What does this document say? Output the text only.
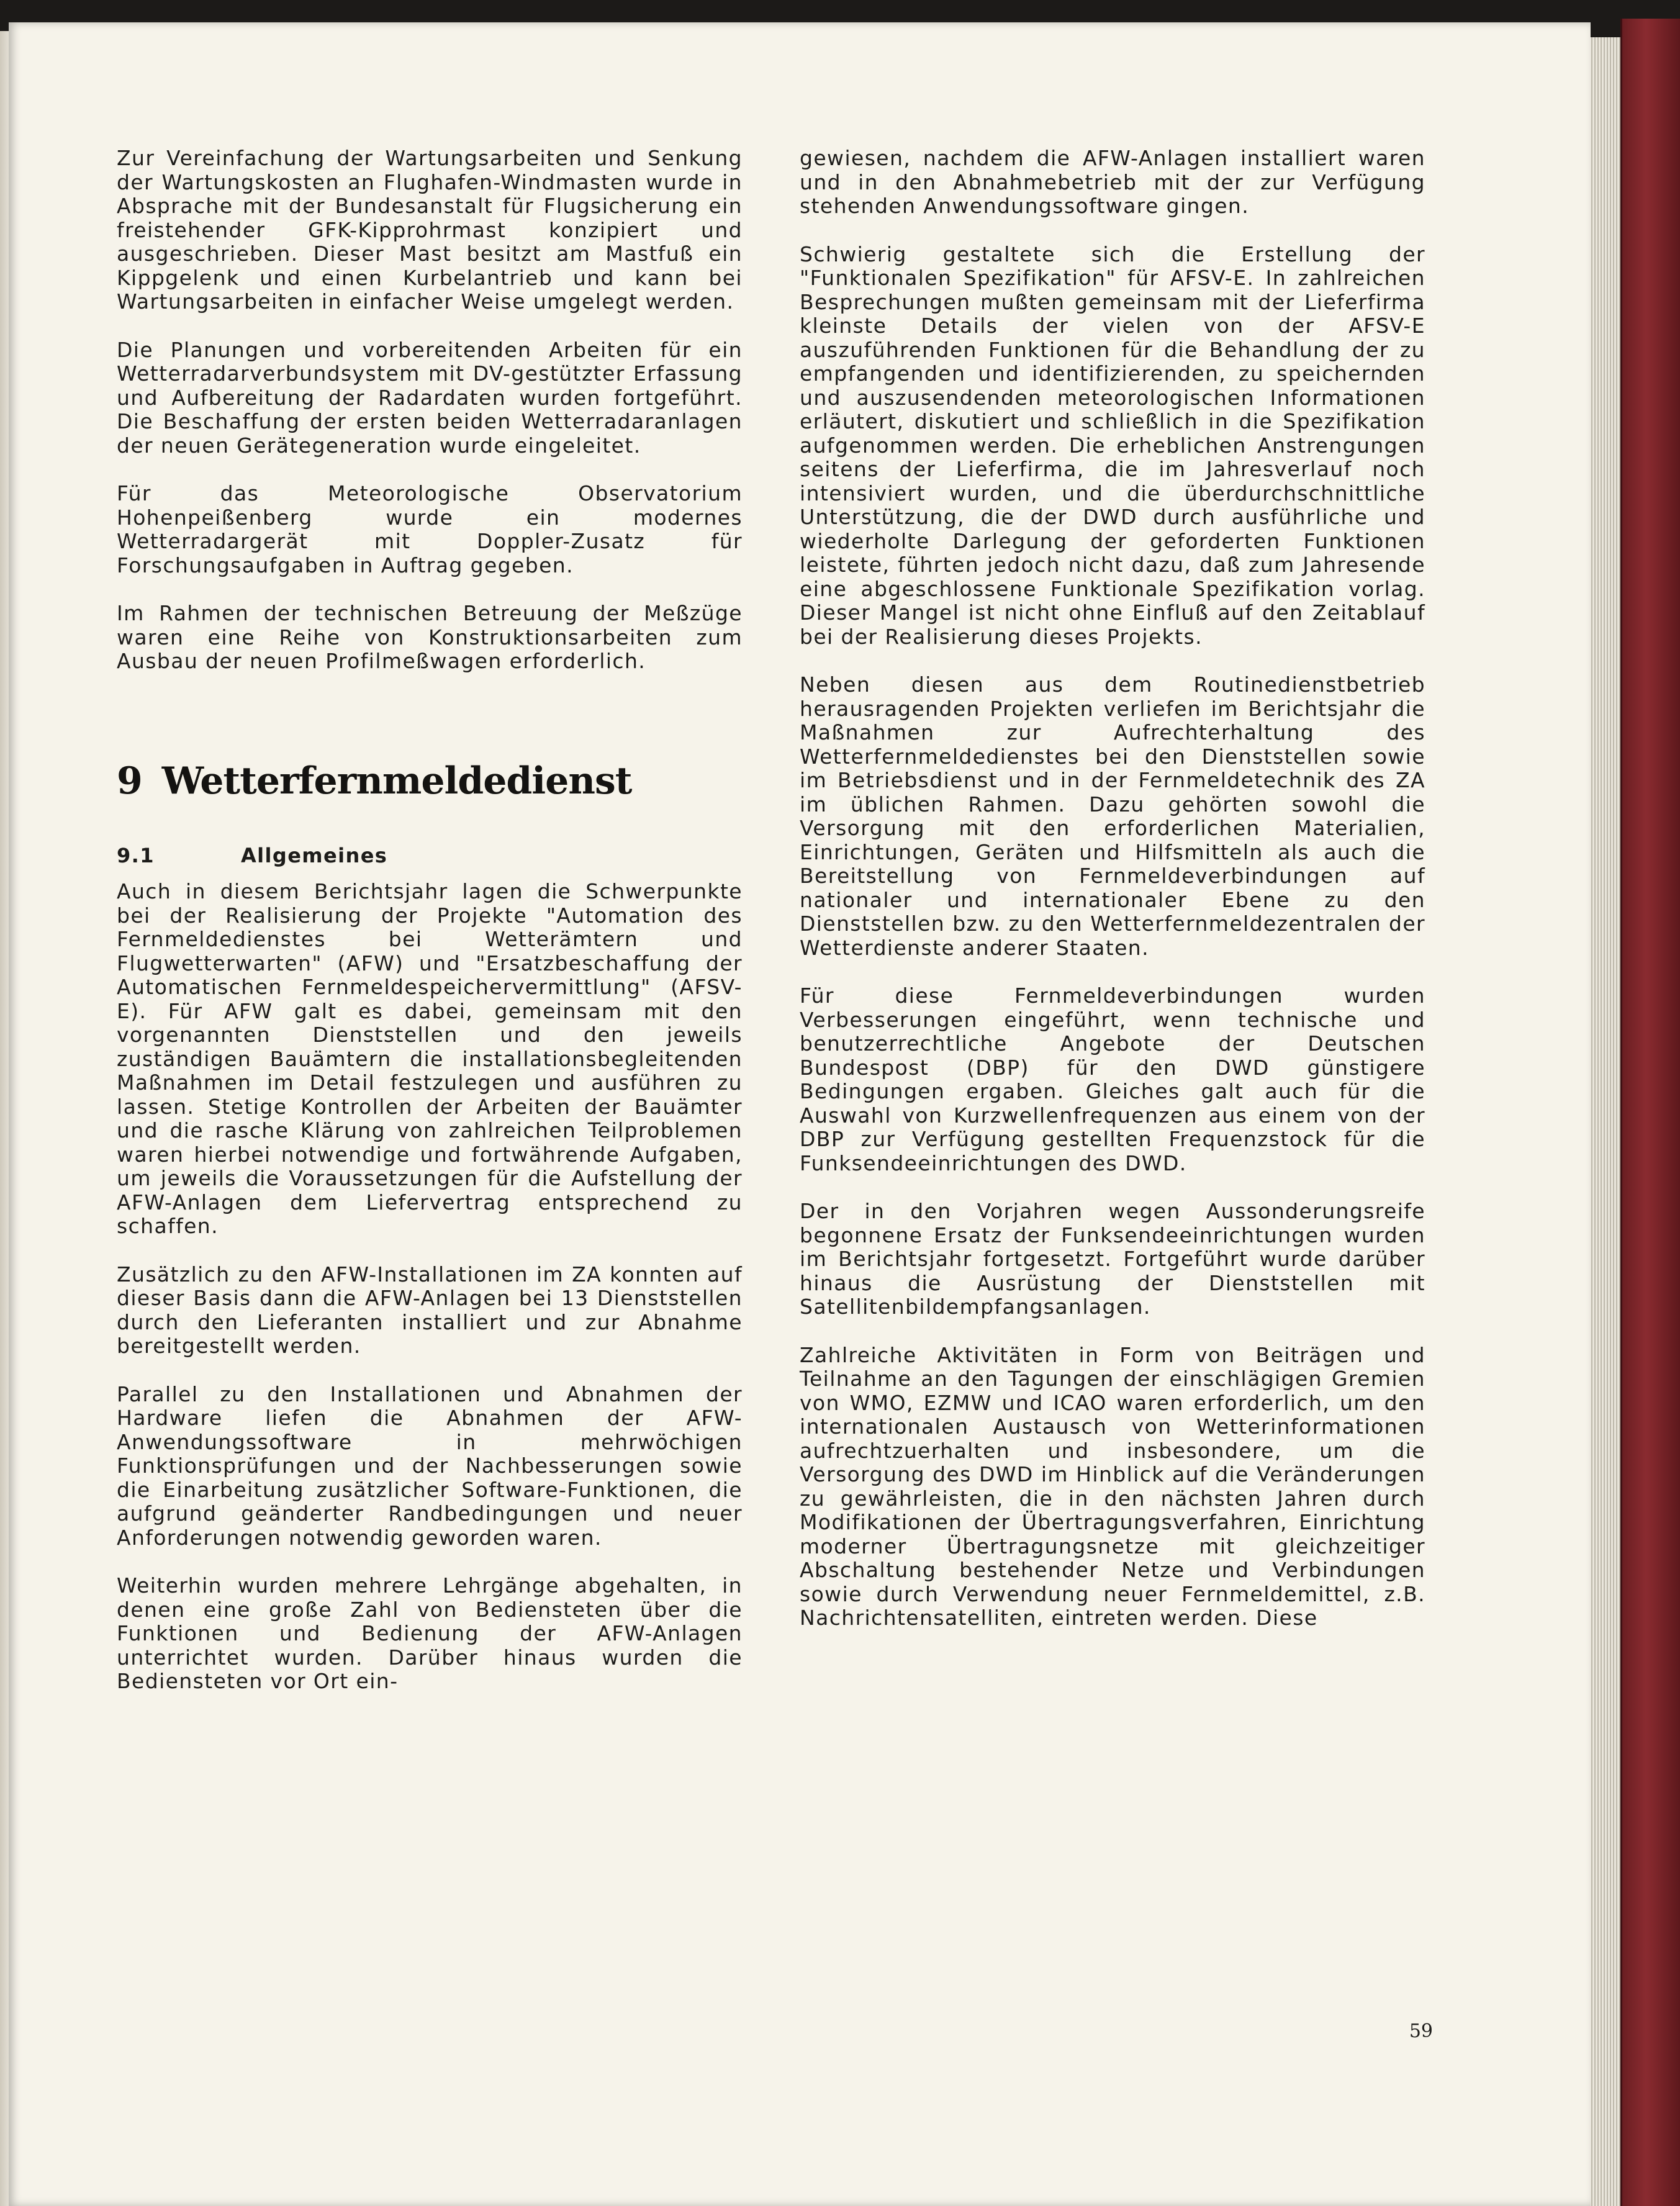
Zur Vereinfachung der Wartungsarbeiten und Senkung der Wartungskosten an Flughafen-Windmasten wurde in Absprache mit der Bundesanstalt für Flugsicherung ein freistehender GFK-Kipprohrmast konzipiert und ausgeschrieben. Dieser Mast besitzt am Mastfuß ein Kippgelenk und einen Kurbelantrieb und kann bei Wartungsarbeiten in einfacher Weise umgelegt werden.

Die Planungen und vorbereitenden Arbeiten für ein Wetterradarverbundsystem mit DV-gestützter Erfassung und Aufbereitung der Radardaten wurden fortgeführt. Die Beschaffung der ersten beiden Wetterradaranlagen der neuen Gerätegeneration wurde eingeleitet.

Für das Meteorologische Observatorium Hohenpeißenberg wurde ein modernes Wetterradargerät mit Doppler-Zusatz für Forschungsaufgaben in Auftrag gegeben.

Im Rahmen der technischen Betreuung der Meßzüge waren eine Reihe von Konstruktionsarbeiten zum Ausbau der neuen Profilmeßwagen erforderlich.

9 Wetterfernmeldedienst
9.1	Allgemeines

Auch in diesem Berichtsjahr lagen die Schwerpunkte bei der Realisierung der Projekte "Automation des Fernmeldedienstes bei Wetterämtern und Flugwetterwarten" (AFW) und "Ersatzbeschaffung der Automatischen Fernmeldespeichervermittlung" (AFSV-E). Für AFW galt es dabei, gemeinsam mit den vorgenannten Dienststellen und den jeweils zuständigen Bauämtern die installationsbegleitenden Maßnahmen im Detail festzulegen und ausführen zu lassen. Stetige Kontrollen der Arbeiten der Bauämter und die rasche Klärung von zahlreichen Teilproblemen waren hierbei notwendige und fortwährende Aufgaben, um jeweils die Voraussetzungen für die Aufstellung der AFW-Anlagen dem Liefervertrag entsprechend zu schaffen.

Zusätzlich zu den AFW-Installationen im ZA konnten auf dieser Basis dann die AFW-Anlagen bei 13 Dienststellen durch den Lieferanten installiert und zur Abnahme bereitgestellt werden.

Parallel zu den Installationen und Abnahmen der Hardware liefen die Abnahmen der AFW-Anwendungssoftware in mehrwöchigen Funktionsprüfungen und der Nachbesserungen sowie die Einarbeitung zusätzlicher Software-Funktionen, die aufgrund geänderter Randbedingungen und neuer Anforderungen notwendig geworden waren.

Weiterhin wurden mehrere Lehrgänge abgehalten, in denen eine große Zahl von Bediensteten über die Funktionen und Bedienung der AFW-Anlagen unterrichtet wurden. Darüber hinaus wurden die Bediensteten vor Ort ein-

gewiesen, nachdem die AFW-Anlagen installiert waren und in den Abnahmebetrieb mit der zur Verfügung stehenden Anwendungssoftware gingen.

Schwierig gestaltete sich die Erstellung der "Funktionalen Spezifikation" für AFSV-E. In zahlreichen Besprechungen mußten gemeinsam mit der Lieferfirma kleinste Details der vielen von der AFSV-E auszuführenden Funktionen für die Behandlung der zu empfangenden und identifizierenden, zu speichernden und auszusendenden meteorologischen Informationen erläutert, diskutiert und schließlich in die Spezifikation aufgenommen werden. Die erheblichen Anstrengungen seitens der Lieferfirma, die im Jahresverlauf noch intensiviert wurden, und die überdurchschnittliche Unterstützung, die der DWD durch ausführliche und wiederholte Darlegung der geforderten Funktionen leistete, führten jedoch nicht dazu, daß zum Jahresende eine abgeschlossene Funktionale Spezifikation vorlag. Dieser Mangel ist nicht ohne Einfluß auf den Zeitablauf bei der Realisierung dieses Projekts.

Neben diesen aus dem Routinedienstbetrieb herausragenden Projekten verliefen im Berichtsjahr die Maßnahmen zur Aufrechterhaltung des Wetterfernmeldedienstes bei den Dienststellen sowie im Betriebsdienst und in der Fernmeldetechnik des ZA im üblichen Rahmen. Dazu gehörten sowohl die Versorgung mit den erforderlichen Materialien, Einrichtungen, Geräten und Hilfsmitteln als auch die Bereitstellung von Fernmeldeverbindungen auf nationaler und internationaler Ebene zu den Dienststellen bzw. zu den Wetterfernmeldezentralen der Wetterdienste anderer Staaten.

Für diese Fernmeldeverbindungen wurden Verbesserungen eingeführt, wenn technische und benutzerrechtliche Angebote der Deutschen Bundespost (DBP) für den DWD günstigere Bedingungen ergaben. Gleiches galt auch für die Auswahl von Kurzwellenfrequenzen aus einem von der DBP zur Verfügung gestellten Frequenzstock für die Funksendeeinrichtungen des DWD.

Der in den Vorjahren wegen Aussonderungsreife begonnene Ersatz der Funksendeeinrichtungen wurden im Berichtsjahr fortgesetzt. Fortgeführt wurde darüber hinaus die Ausrüstung der Dienststellen mit Satellitenbildempfangsanlagen.

Zahlreiche Aktivitäten in Form von Beiträgen und Teilnahme an den Tagungen der einschlägigen Gremien von WMO, EZMW und ICAO waren erforderlich, um den internationalen Austausch von Wetterinformationen aufrechtzuerhalten und insbesondere, um die Versorgung des DWD im Hinblick auf die Veränderungen zu gewährleisten, die in den nächsten Jahren durch Modifikationen der Übertragungsverfahren, Einrichtung moderner Übertragungsnetze mit gleichzeitiger Abschaltung bestehender Netze und Verbindungen sowie durch Verwendung neuer Fernmeldemittel, z.B. Nachrichtensatelliten, eintreten werden. Diese

59
